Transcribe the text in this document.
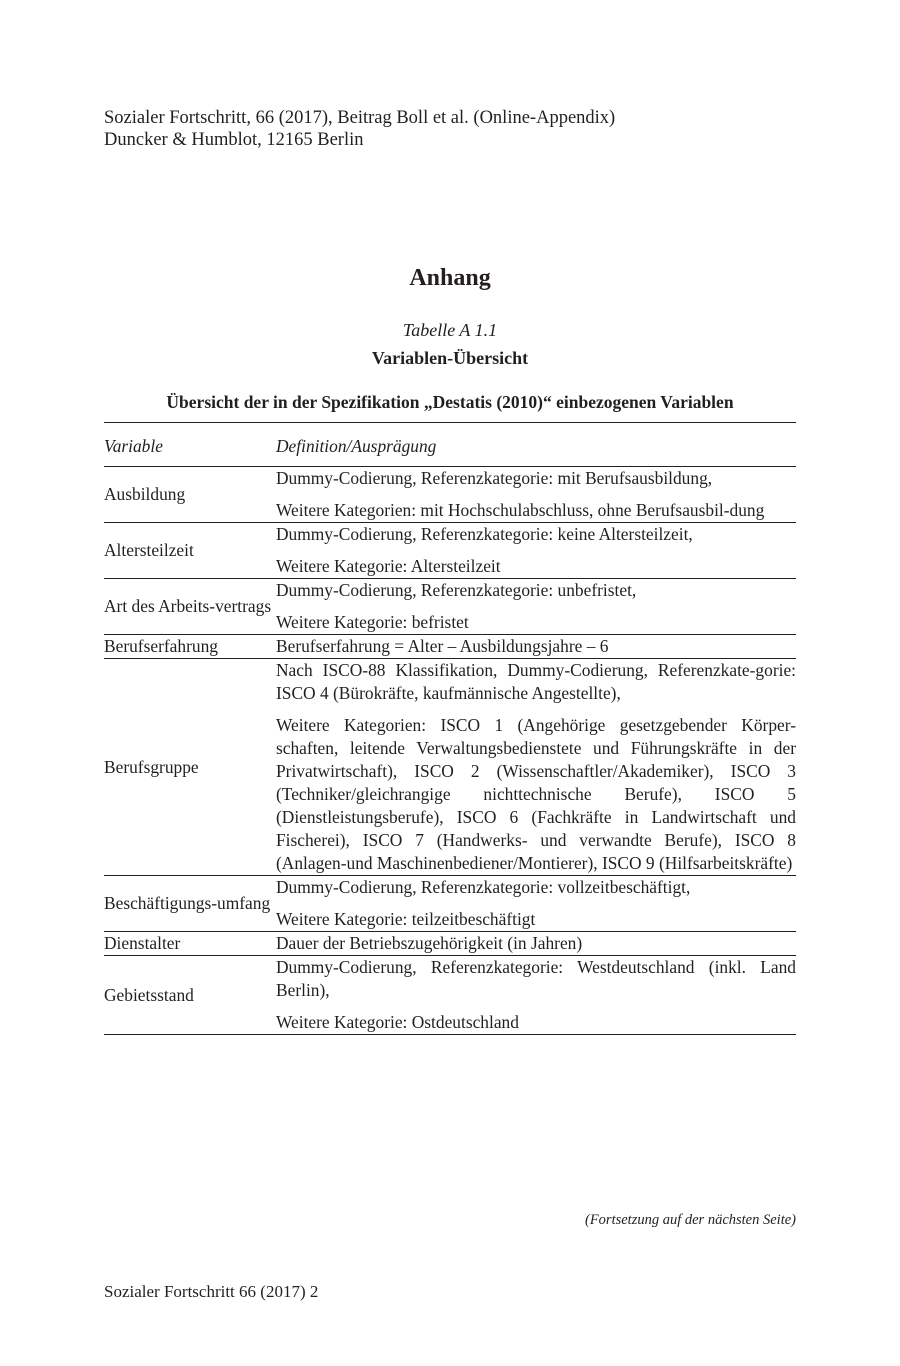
Sozialer Fortschritt, 66 (2017), Beitrag Boll et al. (Online-Appendix)
Duncker & Humblot, 12165 Berlin
Anhang
Tabelle A 1.1
Variablen-Übersicht
Übersicht der in der Spezifikation „Destatis (2010)“ einbezogenen Variablen
Variable	Definition/Ausprägung
Ausbildung	Dummy-Codierung, Referenzkategorie: mit Berufsausbildung,

Weitere Kategorien: mit Hochschulabschluss, ohne Berufsausbil-dung

Altersteilzeit	Dummy-Codierung, Referenzkategorie: keine Altersteilzeit,

Weitere Kategorie: Altersteilzeit

Art des Arbeits-vertrags	Dummy-Codierung, Referenzkategorie: unbefristet,

Weitere Kategorie: befristet

Berufserfahrung	Berufserfahrung = Alter – Ausbildungsjahre – 6

Berufsgruppe	Nach ISCO-88 Klassifikation, Dummy-Codierung, Referenzkate-gorie: ISCO 4 (Bürokräfte, kaufmännische Angestellte),

Weitere Kategorien: ISCO 1 (Angehörige gesetzgebender Körper-schaften, leitende Verwaltungsbedienstete und Führungskräfte in der Privatwirtschaft), ISCO 2 (Wissenschaftler/Akademiker), ISCO 3 (Techniker/gleichrangige nichttechnische Berufe), ISCO 5 (Dienstleistungsberufe), ISCO 6 (Fachkräfte in Landwirtschaft und Fischerei), ISCO 7 (Handwerks- und verwandte Berufe), ISCO 8 (Anlagen-und Maschinenbediener/Montierer), ISCO 9 (Hilfsarbeitskräfte)

Beschäftigungs-umfang	Dummy-Codierung, Referenzkategorie: vollzeitbeschäftigt,

Weitere Kategorie: teilzeitbeschäftigt

Dienstalter	Dauer der Betriebszugehörigkeit (in Jahren)

Gebietsstand	Dummy-Codierung, Referenzkategorie: Westdeutschland (inkl. Land Berlin),

Weitere Kategorie: Ostdeutschland

(Fortsetzung auf der nächsten Seite)
Sozialer Fortschritt 66 (2017) 2
